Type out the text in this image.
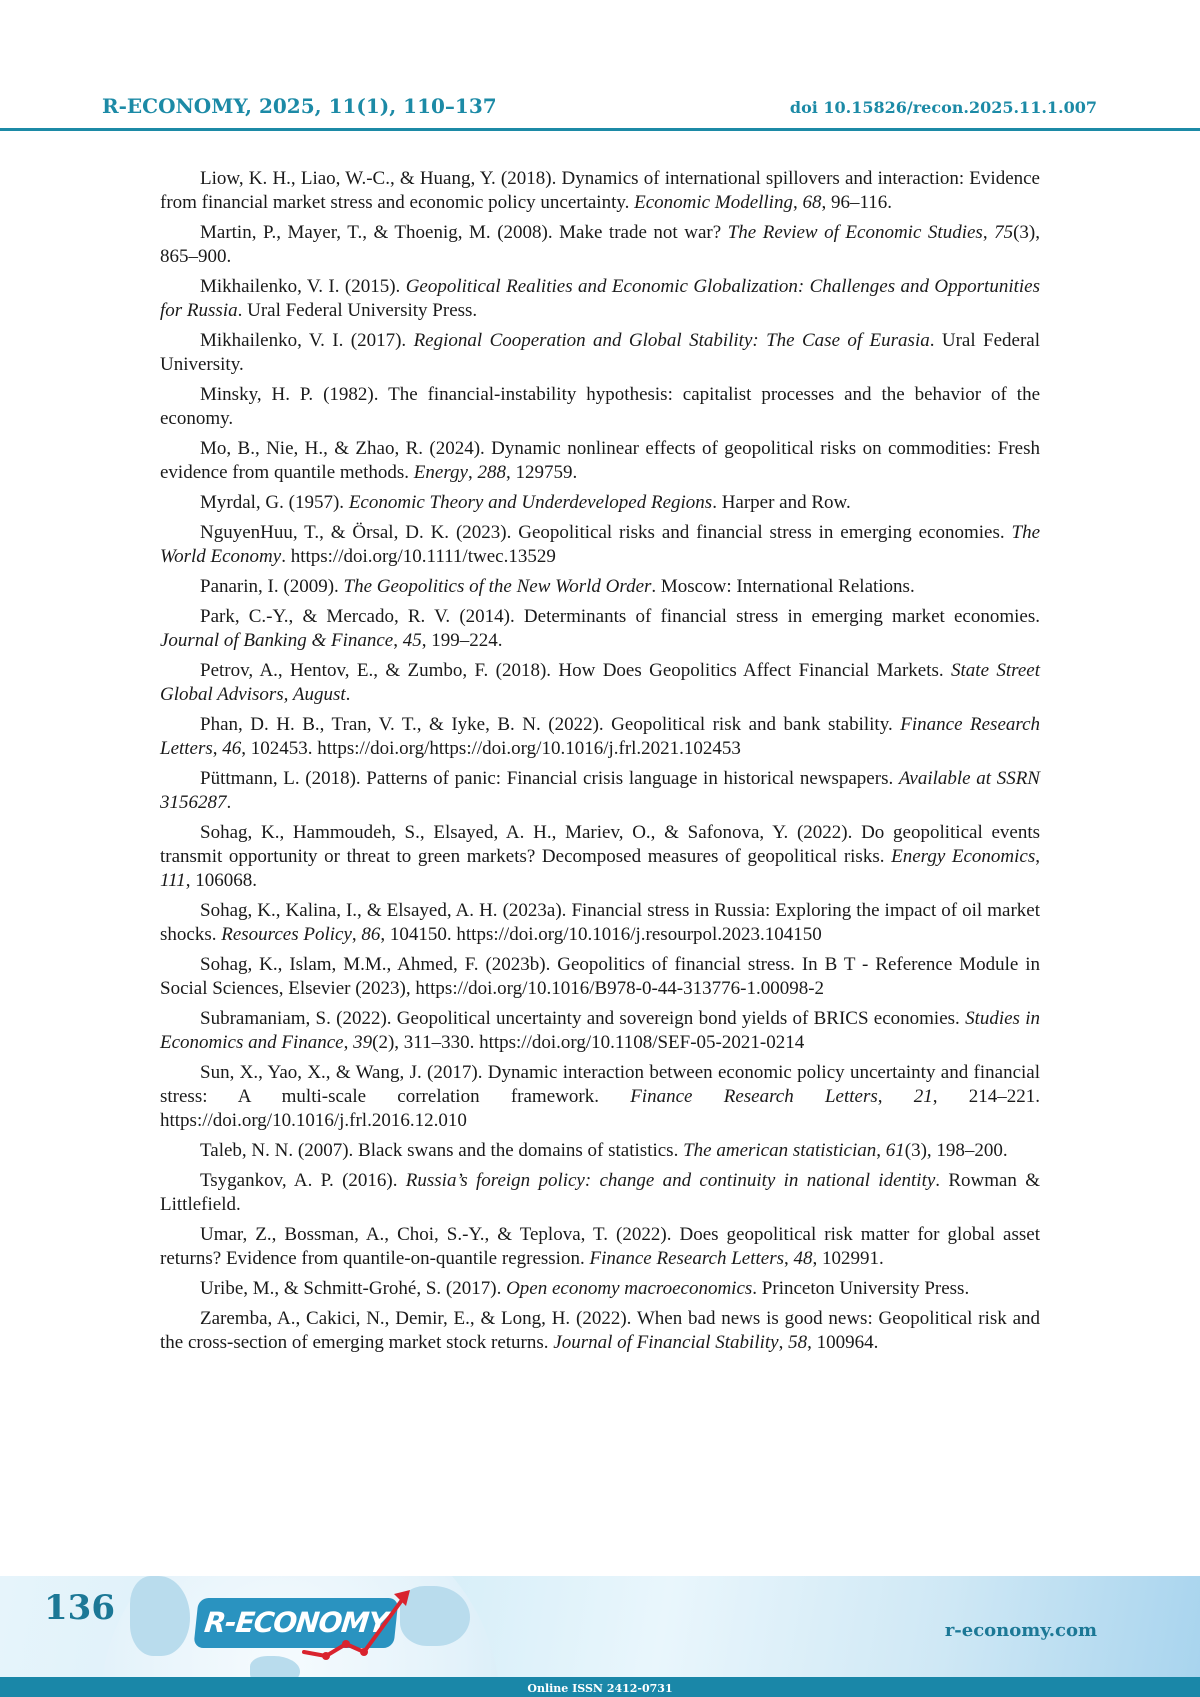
R-ECONOMY, 2025, 11(1), 110–137	doi 10.15826/recon.2025.11.1.007

Liow, K. H., Liao, W.-C., & Huang, Y. (2018). Dynamics of international spillovers and interaction: Evidence from financial market stress and economic policy uncertainty. Economic Modelling, 68, 96–116.

Martin, P., Mayer, T., & Thoenig, M. (2008). Make trade not war? The Review of Economic Studies, 75(3), 865–900.

Mikhailenko, V. I. (2015). Geopolitical Realities and Economic Globalization: Challenges and Opportunities for Russia. Ural Federal University Press.

Mikhailenko, V. I. (2017). Regional Cooperation and Global Stability: The Case of Eurasia. Ural Federal University.

Minsky, H. P. (1982). The financial-instability hypothesis: capitalist processes and the behavior of the economy.

Mo, B., Nie, H., & Zhao, R. (2024). Dynamic nonlinear effects of geopolitical risks on commodities: Fresh evidence from quantile methods. Energy, 288, 129759.

Myrdal, G. (1957). Economic Theory and Underdeveloped Regions. Harper and Row.

NguyenHuu, T., & Örsal, D. K. (2023). Geopolitical risks and financial stress in emerging economies. The World Economy. https://doi.org/10.1111/twec.13529

Panarin, I. (2009). The Geopolitics of the New World Order. Moscow: International Relations.

Park, C.-Y., & Mercado, R. V. (2014). Determinants of financial stress in emerging market economies. Journal of Banking & Finance, 45, 199–224.

Petrov, A., Hentov, E., & Zumbo, F. (2018). How Does Geopolitics Affect Financial Markets. State Street Global Advisors, August.

Phan, D. H. B., Tran, V. T., & Iyke, B. N. (2022). Geopolitical risk and bank stability. Finance Research Letters, 46, 102453. https://doi.org/https://doi.org/10.1016/j.frl.2021.102453

Püttmann, L. (2018). Patterns of panic: Financial crisis language in historical newspapers. Available at SSRN 3156287.

Sohag, K., Hammoudeh, S., Elsayed, A. H., Mariev, O., & Safonova, Y. (2022). Do geopolitical events transmit opportunity or threat to green markets? Decomposed measures of geopolitical risks. Energy Economics, 111, 106068.

Sohag, K., Kalina, I., & Elsayed, A. H. (2023a). Financial stress in Russia: Exploring the impact of oil market shocks. Resources Policy, 86, 104150. https://doi.org/10.1016/j.resourpol.2023.104150

Sohag, K., Islam, M.M., Ahmed, F. (2023b). Geopolitics of financial stress. In B T - Reference Module in Social Sciences, Elsevier (2023), https://doi.org/10.1016/B978-0-44-313776-1.00098-2

Subramaniam, S. (2022). Geopolitical uncertainty and sovereign bond yields of BRICS economies. Studies in Economics and Finance, 39(2), 311–330. https://doi.org/10.1108/SEF-05-2021-0214

Sun, X., Yao, X., & Wang, J. (2017). Dynamic interaction between economic policy uncertainty and financial stress: A multi-scale correlation framework. Finance Research Letters, 21, 214–221. https://doi.org/10.1016/j.frl.2016.12.010

Taleb, N. N. (2007). Black swans and the domains of statistics. The american statistician, 61(3), 198–200.

Tsygankov, A. P. (2016). Russia’s foreign policy: change and continuity in national identity. Rowman & Littlefield.

Umar, Z., Bossman, A., Choi, S.-Y., & Teplova, T. (2022). Does geopolitical risk matter for global asset returns? Evidence from quantile-on-quantile regression. Finance Research Letters, 48, 102991.

Uribe, M., & Schmitt-Grohé, S. (2017). Open economy macroeconomics. Princeton University Press.

Zaremba, A., Cakici, N., Demir, E., & Long, H. (2022). When bad news is good news: Geopolitical risk and the cross-section of emerging market stock returns. Journal of Financial Stability, 58, 100964.

136	R-ECONOMY	r-economy.com
Online ISSN 2412-0731
